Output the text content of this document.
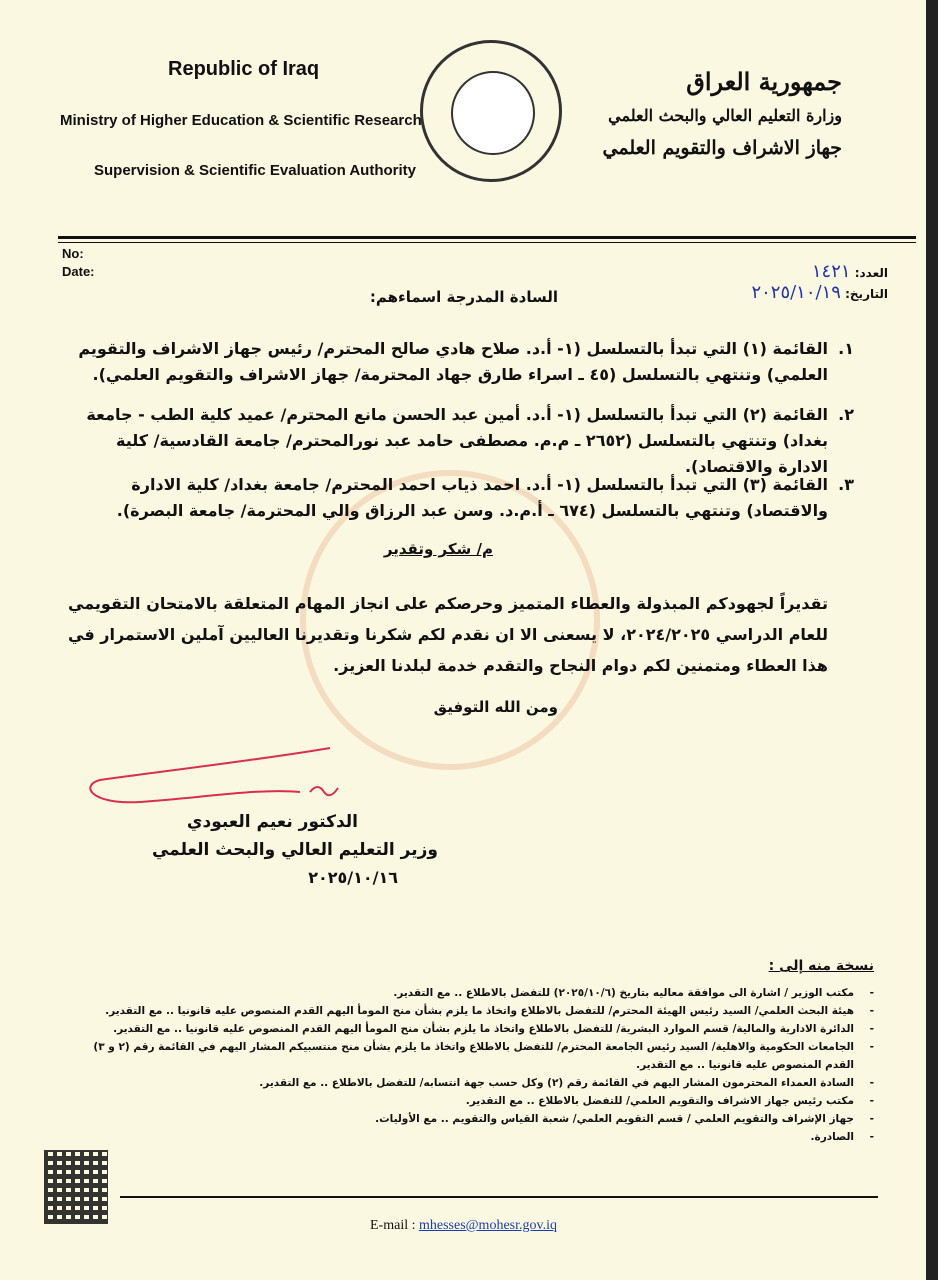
Republic of Iraq
Ministry of Higher Education & Scientific Research
Supervision & Scientific Evaluation Authority
جمهورية العراق
وزارة التعليم العالي والبحث العلمي
جهاز الاشراف والتقويم العلمي
No:
Date:	العدد: ١٤٢١
التاريخ: ٢٠٢٥/١٠/١٩
السادة المدرجة اسماءهم:
١.
القائمة (١) التي تبدأ بالتسلسل (١- أ.د. صلاح هادي صالح المحترم/ رئيس جهاز الاشراف والتقويم العلمي) وتنتهي بالتسلسل (٤٥ ـ اسراء طارق جهاد المحترمة/ جهاز الاشراف والتقويم العلمي).
٢.
القائمة (٢) التي تبدأ بالتسلسل (١- أ.د. أمين عبد الحسن مانع المحترم/ عميد كلية الطب - جامعة بغداد) وتنتهي بالتسلسل (٢٦٥٢ ـ م.م. مصطفى حامد عبد نورالمحترم/ جامعة القادسية/ كلية الادارة والاقتصاد).
٣.
القائمة (٣) التي تبدأ بالتسلسل (١- أ.د. احمد ذياب احمد المحترم/ جامعة بغداد/ كلية الادارة والاقتصاد) وتنتهي بالتسلسل (٦٧٤ ـ أ.م.د. وسن عبد الرزاق والي المحترمة/ جامعة البصرة).
م/ شكر وتقدير
تقديراً لجهودكم المبذولة والعطاء المتميز وحرصكم على انجاز المهام المتعلقة بالامتحان التقويمي للعام الدراسي ٢٠٢٤/٢٠٢٥، لا يسعنى الا ان نقدم لكم شكرنا وتقديرنا العاليين آملين الاستمرار في هذا العطاء ومتمنين لكم دوام النجاح والتقدم خدمة لبلدنا العزيز.
ومن الله التوفيق
الدكتور نعيم العبودي
وزير التعليم العالي والبحث العلمي
٢٠٢٥/١٠/١٦
نسخة منه إلى :
- مكتب الوزير / اشارة الى موافقة معاليه بتاريخ (٢٠٢٥/١٠/٦) للتفضل بالاطلاع .. مع التقدير.
- هيئة البحث العلمي/ السيد رئيس الهيئة المحترم/ للتفضل بالاطلاع واتخاذ ما يلزم بشأن منح المومأ اليهم القدم المنصوص عليه قانونيا .. مع التقدير.
- الدائرة الادارية والمالية/ قسم الموارد البشرية/ للتفضل بالاطلاع واتخاذ ما يلزم بشأن منح المومأ اليهم القدم المنصوص عليه قانونيا .. مع التقدير.
- الجامعات الحكومية والاهلية/ السيد رئيس الجامعة المحترم/ للتفضل بالاطلاع واتخاذ ما يلزم بشأن منح منتسبيكم المشار اليهم في القائمة رقم (٢ و ٣) القدم المنصوص عليه قانونيا .. مع التقدير.
- السادة العمداء المحترمون المشار اليهم في القائمة رقم (٢) وكل حسب جهة انتسابه/ للتفضل بالاطلاع .. مع التقدير.
- مكتب رئيس جهاز الاشراف والتقويم العلمي/ للتفضل بالاطلاع .. مع التقدير.
- جهاز الإشراف والتقويم العلمي / قسم التقويم العلمي/ شعبة القياس والتقويم .. مع الأوليات.
- الصادرة.
E-mail : mhesses@mohesr.gov.iq
